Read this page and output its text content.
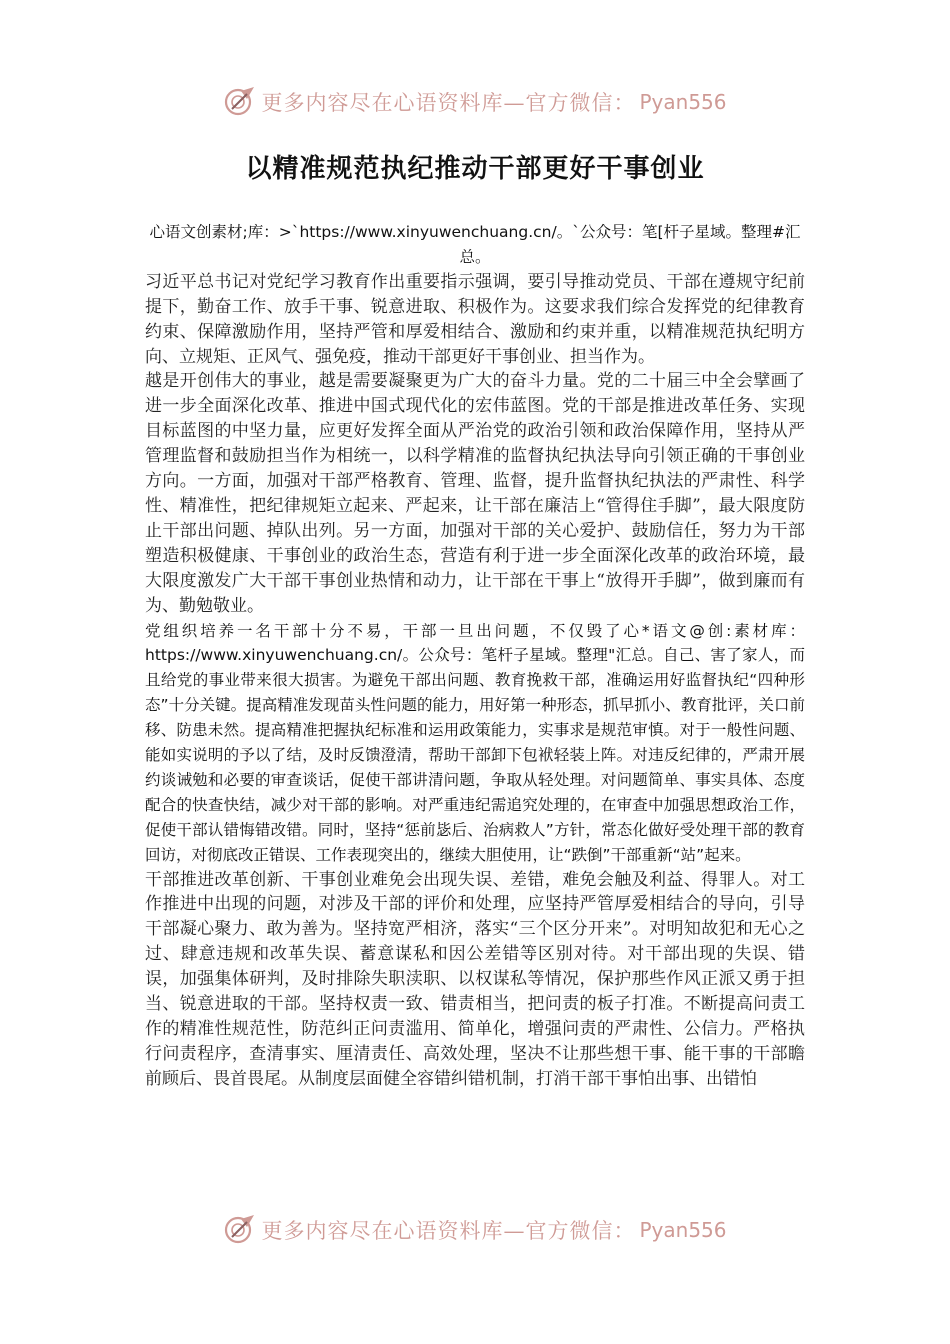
更多内容尽在心语资料库—官方微信： Pyan556
以精准规范执纪推动干部更好干事创业

心语文创素材;库：>`https://www.xinyuwenchuang.cn/。`公众号：笔[杆子星域。整理#汇总。

习近平总书记对党纪学习教育作出重要指示强调，要引导推动党员、干部在遵规守纪前提下，勤奋工作、放手干事、锐意进取、积极作为。这要求我们综合发挥党的纪律教育约束、保障激励作用，坚持严管和厚爱相结合、激励和约束并重，以精准规范执纪明方向、立规矩、正风气、强免疫，推动干部更好干事创业、担当作为。

越是开创伟大的事业，越是需要凝聚更为广大的奋斗力量。党的二十届三中全会擘画了进一步全面深化改革、推进中国式现代化的宏伟蓝图。党的干部是推进改革任务、实现目标蓝图的中坚力量，应更好发挥全面从严治党的政治引领和政治保障作用，坚持从严管理监督和鼓励担当作为相统一，以科学精准的监督执纪执法导向引领正确的干事创业方向。一方面，加强对干部严格教育、管理、监督，提升监督执纪执法的严肃性、科学性、精准性，把纪律规矩立起来、严起来，让干部在廉洁上“管得住手脚”，最大限度防止干部出问题、掉队出列。另一方面，加强对干部的关心爱护、鼓励信任，努力为干部塑造积极健康、干事创业的政治生态，营造有利于进一步全面深化改革的政治环境，最大限度激发广大干部干事创业热情和动力，让干部在干事上“放得开手脚”，做到廉而有为、勤勉敬业。

党组织培养一名干部十分不易，干部一旦出问题，不仅毁了心*语文@创:素材库：https://www.xinyuwenchuang.cn/。公众号：笔杆子星域。整理"汇总。自己、害了家人，而且给党的事业带来很大损害。为避免干部出问题、教育挽救干部，准确运用好监督执纪“四种形态”十分关键。提高精准发现苗头性问题的能力，用好第一种形态，抓早抓小、教育批评，关口前移、防患未然。提高精准把握执纪标准和运用政策能力，实事求是规范审慎。对于一般性问题、能如实说明的予以了结，及时反馈澄清，帮助干部卸下包袱轻装上阵。对违反纪律的，严肃开展约谈诫勉和必要的审查谈话，促使干部讲清问题，争取从轻处理。对问题简单、事实具体、态度配合的快查快结，减少对干部的影响。对严重违纪需追究处理的，在审查中加强思想政治工作，促使干部认错悔错改错。同时，坚持“惩前毖后、治病救人”方针，常态化做好受处理干部的教育回访，对彻底改正错误、工作表现突出的，继续大胆使用，让“跌倒”干部重新“站”起来。

干部推进改革创新、干事创业难免会出现失误、差错，难免会触及利益、得罪人。对工作推进中出现的问题，对涉及干部的评价和处理，应坚持严管厚爱相结合的导向，引导干部凝心聚力、敢为善为。坚持宽严相济，落实“三个区分开来”。对明知故犯和无心之过、肆意违规和改革失误、蓄意谋私和因公差错等区别对待。对干部出现的失误、错误，加强集体研判，及时排除失职渎职、以权谋私等情况，保护那些作风正派又勇于担当、锐意进取的干部。坚持权责一致、错责相当，把问责的板子打准。不断提高问责工作的精准性规范性，防范纠正问责滥用、简单化，增强问责的严肃性、公信力。严格执行问责程序，查清事实、厘清责任、高效处理，坚决不让那些想干事、能干事的干部瞻前顾后、畏首畏尾。从制度层面健全容错纠错机制，打消干部干事怕出事、出错怕

更多内容尽在心语资料库—官方微信： Pyan556
